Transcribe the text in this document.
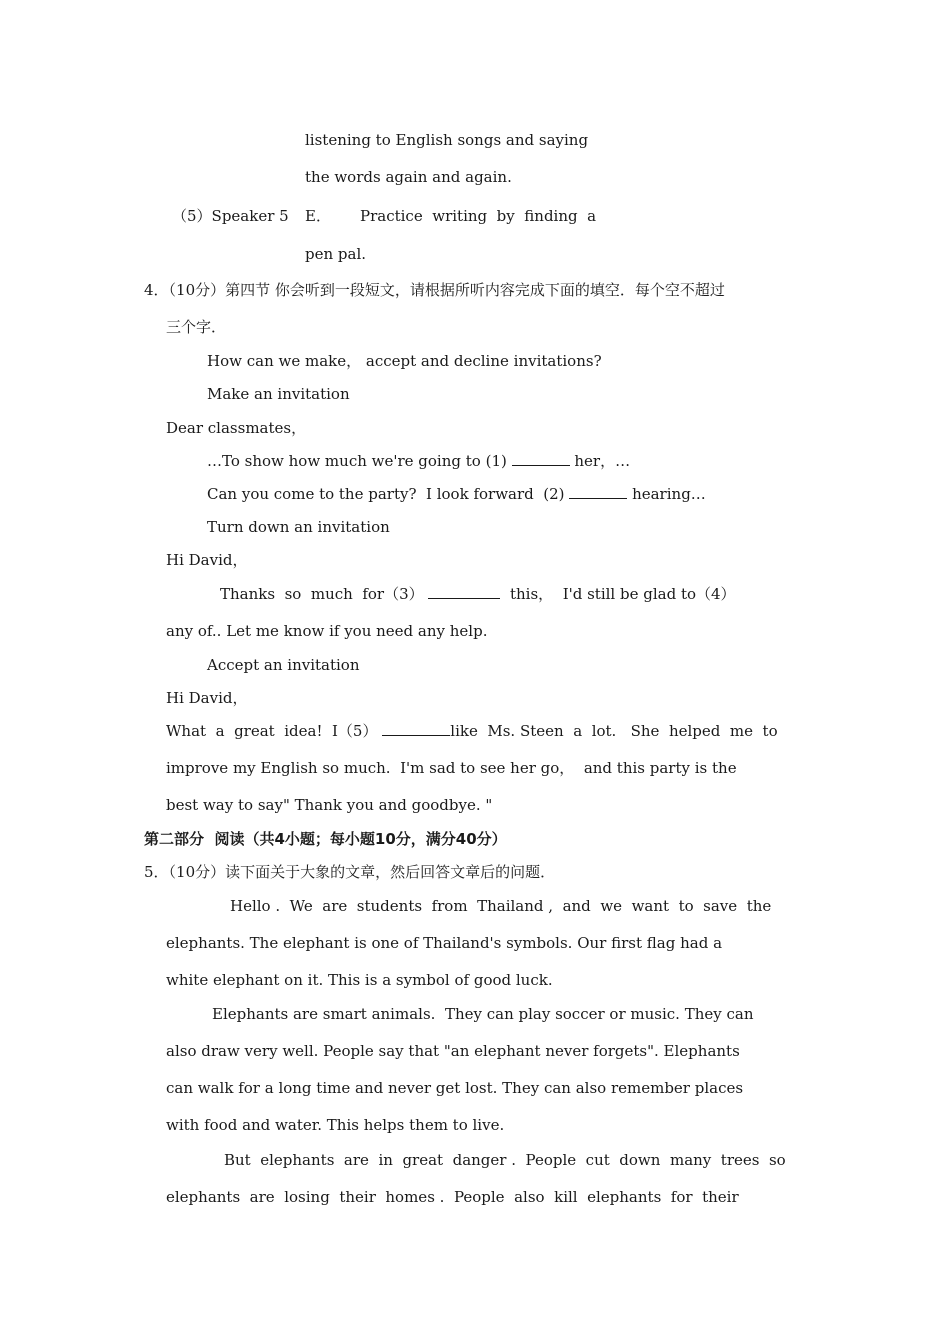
listening to English songs and saying
the words again and again.
（5）Speaker 5 E． Practice  writing  by  finding  a
pen pal.
4．（10分）第四节 你会听到一段短文，请根据所听内容完成下面的填空．每个空不超过
三个字．
How can we make， accept and decline invitations?
Make an invitation
Dear classmates，
…To show how much we're going to (1)	her，…
Can you come to the party?  I look forward  (2)	hearing…
Turn down an invitation
Hi David，
Thanks  so  much  for（3）	this，  I'd still be glad to（4）
any of.. Let me know if you need any help.
Accept an invitation
Hi David，
What  a  great  idea!  I（5）	like  Ms. Steen  a  lot.   She  helped  me  to
improve my English so much.  I'm sad to see her go，  and this party is the
best way to say" Thank you and goodbye. "
第二部分  阅读（共4小题；每小题10分，满分40分）
5．（10分）读下面关于大象的文章，然后回答文章后的问题．
Hello .  We  are  students  from  Thailand ,  and  we  want  to  save  the
elephants. The elephant is one of Thailand's symbols. Our first flag had a
white elephant on it. This is a symbol of good luck.
Elephants are smart animals.  They can play soccer or music. They can
also draw very well. People say that "an elephant never forgets". Elephants
can walk for a long time and never get lost. They can also remember places
with food and water. This helps them to live.
But  elephants  are  in  great  danger .  People  cut  down  many  trees  so
elephants  are  losing  their  homes .  People  also  kill  elephants  for  their
